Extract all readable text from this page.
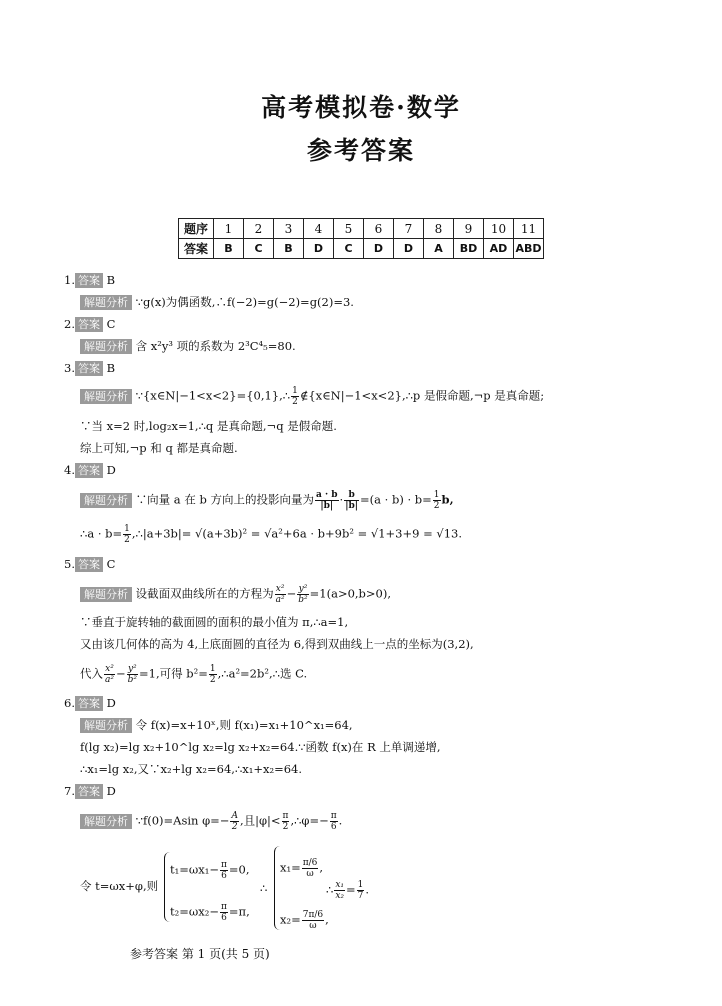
高考模拟卷·数学
参考答案
题序	1	2	3	4	5	6	7	8	9	10	11
答案	B	C	B	D	C	D	D	A	BD	AD	ABD
1. 答案 B
解题分析 ∵g(x)为偶函数,∴f(−2)=g(−2)=g(2)=3.
2. 答案 C
解题分析 含 x²y³ 项的系数为 2³C⁴₅=80.
3. 答案 B
解题分析 ∵{x∈N|−1<x<2}={0,1},∴ $\frac{1}{2}$ ∉{x∈N|−1<x<2},∴p 是假命题,¬p 是真命题;
∵当 x=2 时,log₂x=1,∴q 是真命题,¬q 是假命题.
综上可知,¬p 和 q 都是真命题.
4. 答案 D
解题分析 ∵向量 a 在 b 方向上的投影向量为 $\frac{a \cdot b}{|b|} \cdot \frac{b}{|b|} =(a \cdot b) \cdot b= \frac{1}{2} b$,
∴a · $b= \frac{1}{2}$ ,∴|a+3b|= √(a+3b)² = √a²+6a · b+9b² = √1+3+9 = √13.
5. 答案 C
解题分析 设截面双曲线所在的方程为 $\frac{\text{x²}}{\text{a²}} - \frac{\text{y²}}{\text{b²}} =1(a>0,b>0)$,
∵垂直于旋转轴的截面圆的面积的最小值为 π,∴a=1,
又由该几何体的高为 4,上底面圆的直径为 6,得到双曲线上一点的坐标为(3,2),
代入 $\frac{\text{x²}}{\text{a²}} - \frac{\text{y²}}{\text{b²}} =1$,可得 $b^2= \frac{1}{2}$ ,∴a²=2b²,∴选 C.
6. 答案 D
解题分析 令 f(x)=x+10ˣ,则 f(x₁)=x₁+10^x₁=64,
f(lg x₂)=lg x₂+10^lg x₂=lg x₂+x₂=64.∵函数 f(x)在 R 上单调递增,
∴x₁=lg x₂,又∵x₂+lg x₂=64,∴x₁+x₂=64.
7. 答案 D
解题分析 ∵f(0)=Asin $\varphi=- \frac{A}{2}$ ,且$|\varphi|< \frac{\pi}{2}$ ,∴φ=− $\frac{\pi}{6}$ .
令 t=ωx+φ,则
$t_1=\omega x_1- \frac{\pi}{6} =0$,
$t_2=\omega x_2- \frac{\pi}{6} =\pi$,
∴
$x_1= \frac{\pi/6}{\omega}$ ,
$x_2= \frac{7\pi/6}{\omega}$ ,
∴ $\frac{\text{x₁}}{\text{x₂}} = \frac{1}{7}$ .
参考答案 第 1 页(共 5 页)
